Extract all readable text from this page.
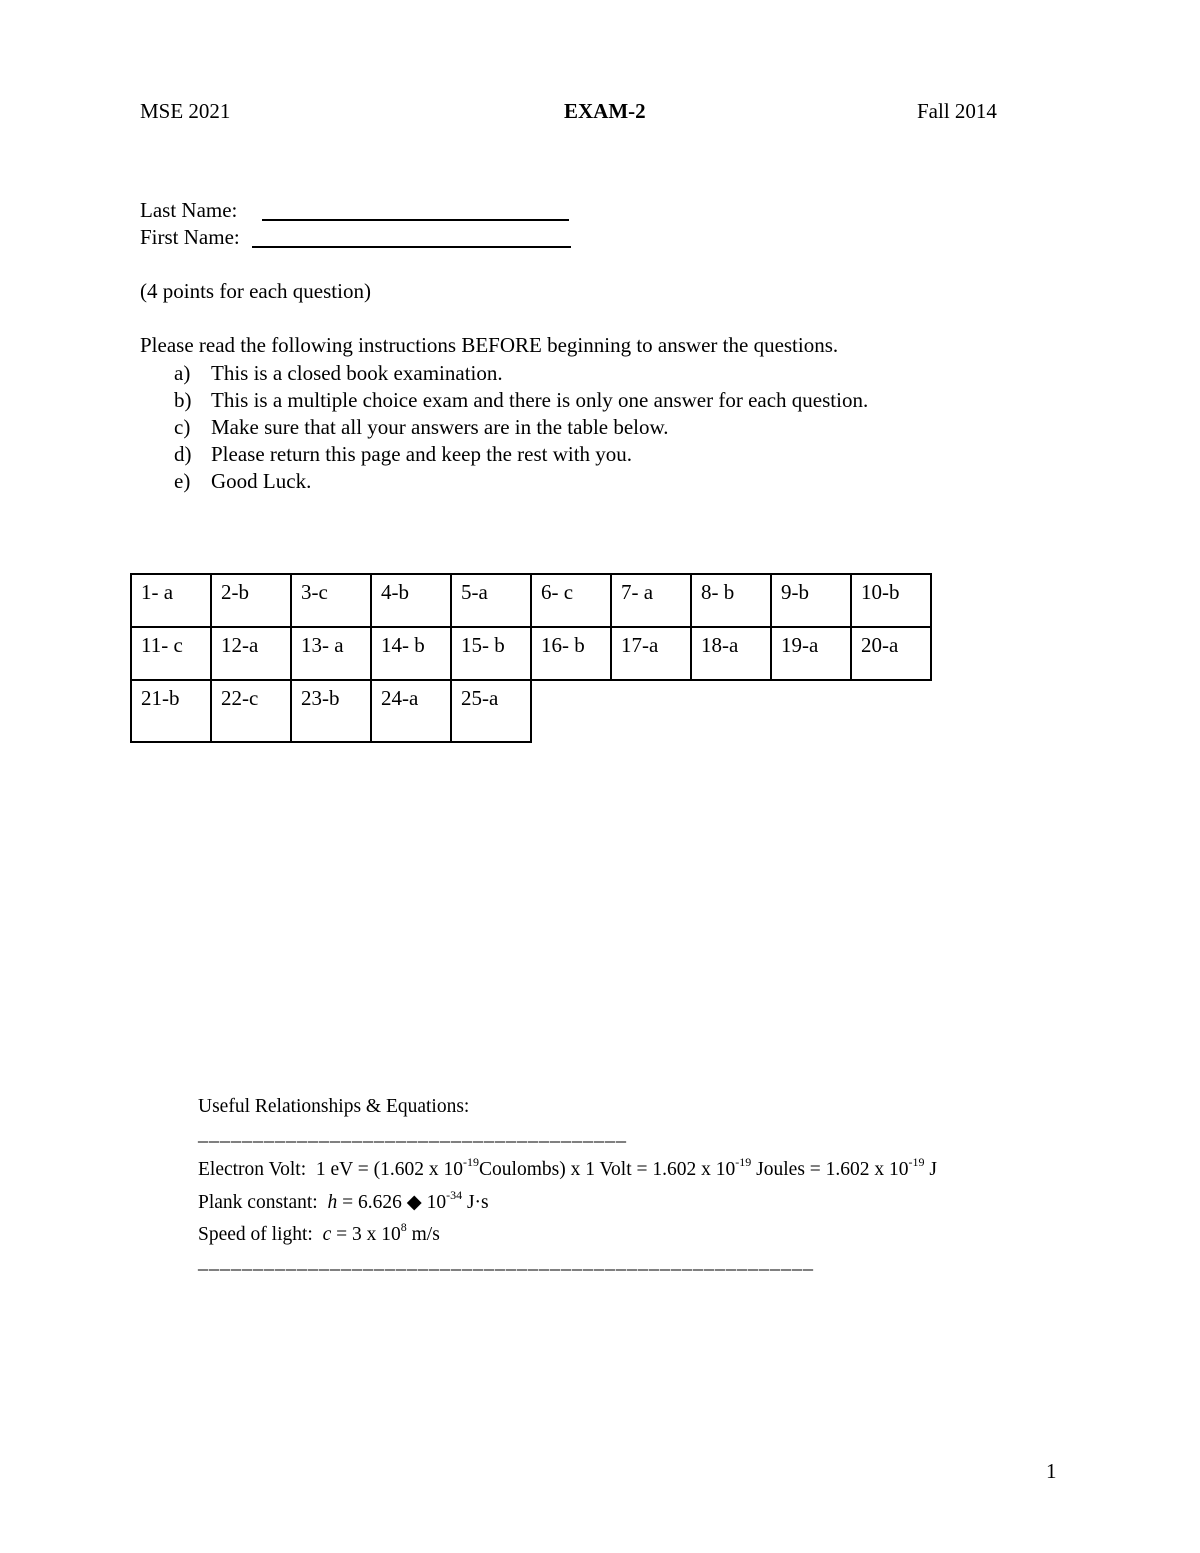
MSE 2021	EXAM-2	Fall 2014
Last Name:
First Name:
(4 points for each question)
Please read the following instructions BEFORE beginning to answer the questions.
a) This is a closed book examination.
b) This is a multiple choice exam and there is only one answer for each question.
c) Make sure that all your answers are in the table below.
d) Please return this page and keep the rest with you.
e) Good Luck.
1- a	2-b	3-c	4-b	5-a	6- c	7- a	8- b	9-b	10-b
11- c	12-a	13- a	14- b	15- b	16- b	17-a	18-a	19-a	20-a
21-b	22-c	23-b	24-a	25-a					
Useful Relationships & Equations:
_______________________________________
Electron Volt: 1 eV = (1.602 x $10^{-19}Coulombs$) x 1 Volt = 1.602 x $10^{-19}$ Joules = 1.602 x $10^{-19}$ J
Plank constant: h = 6.626 ◆ $10^{-34}$ J·s
Speed of light: c = 3 x $10^8$ m/s
________________________________________________________
1
